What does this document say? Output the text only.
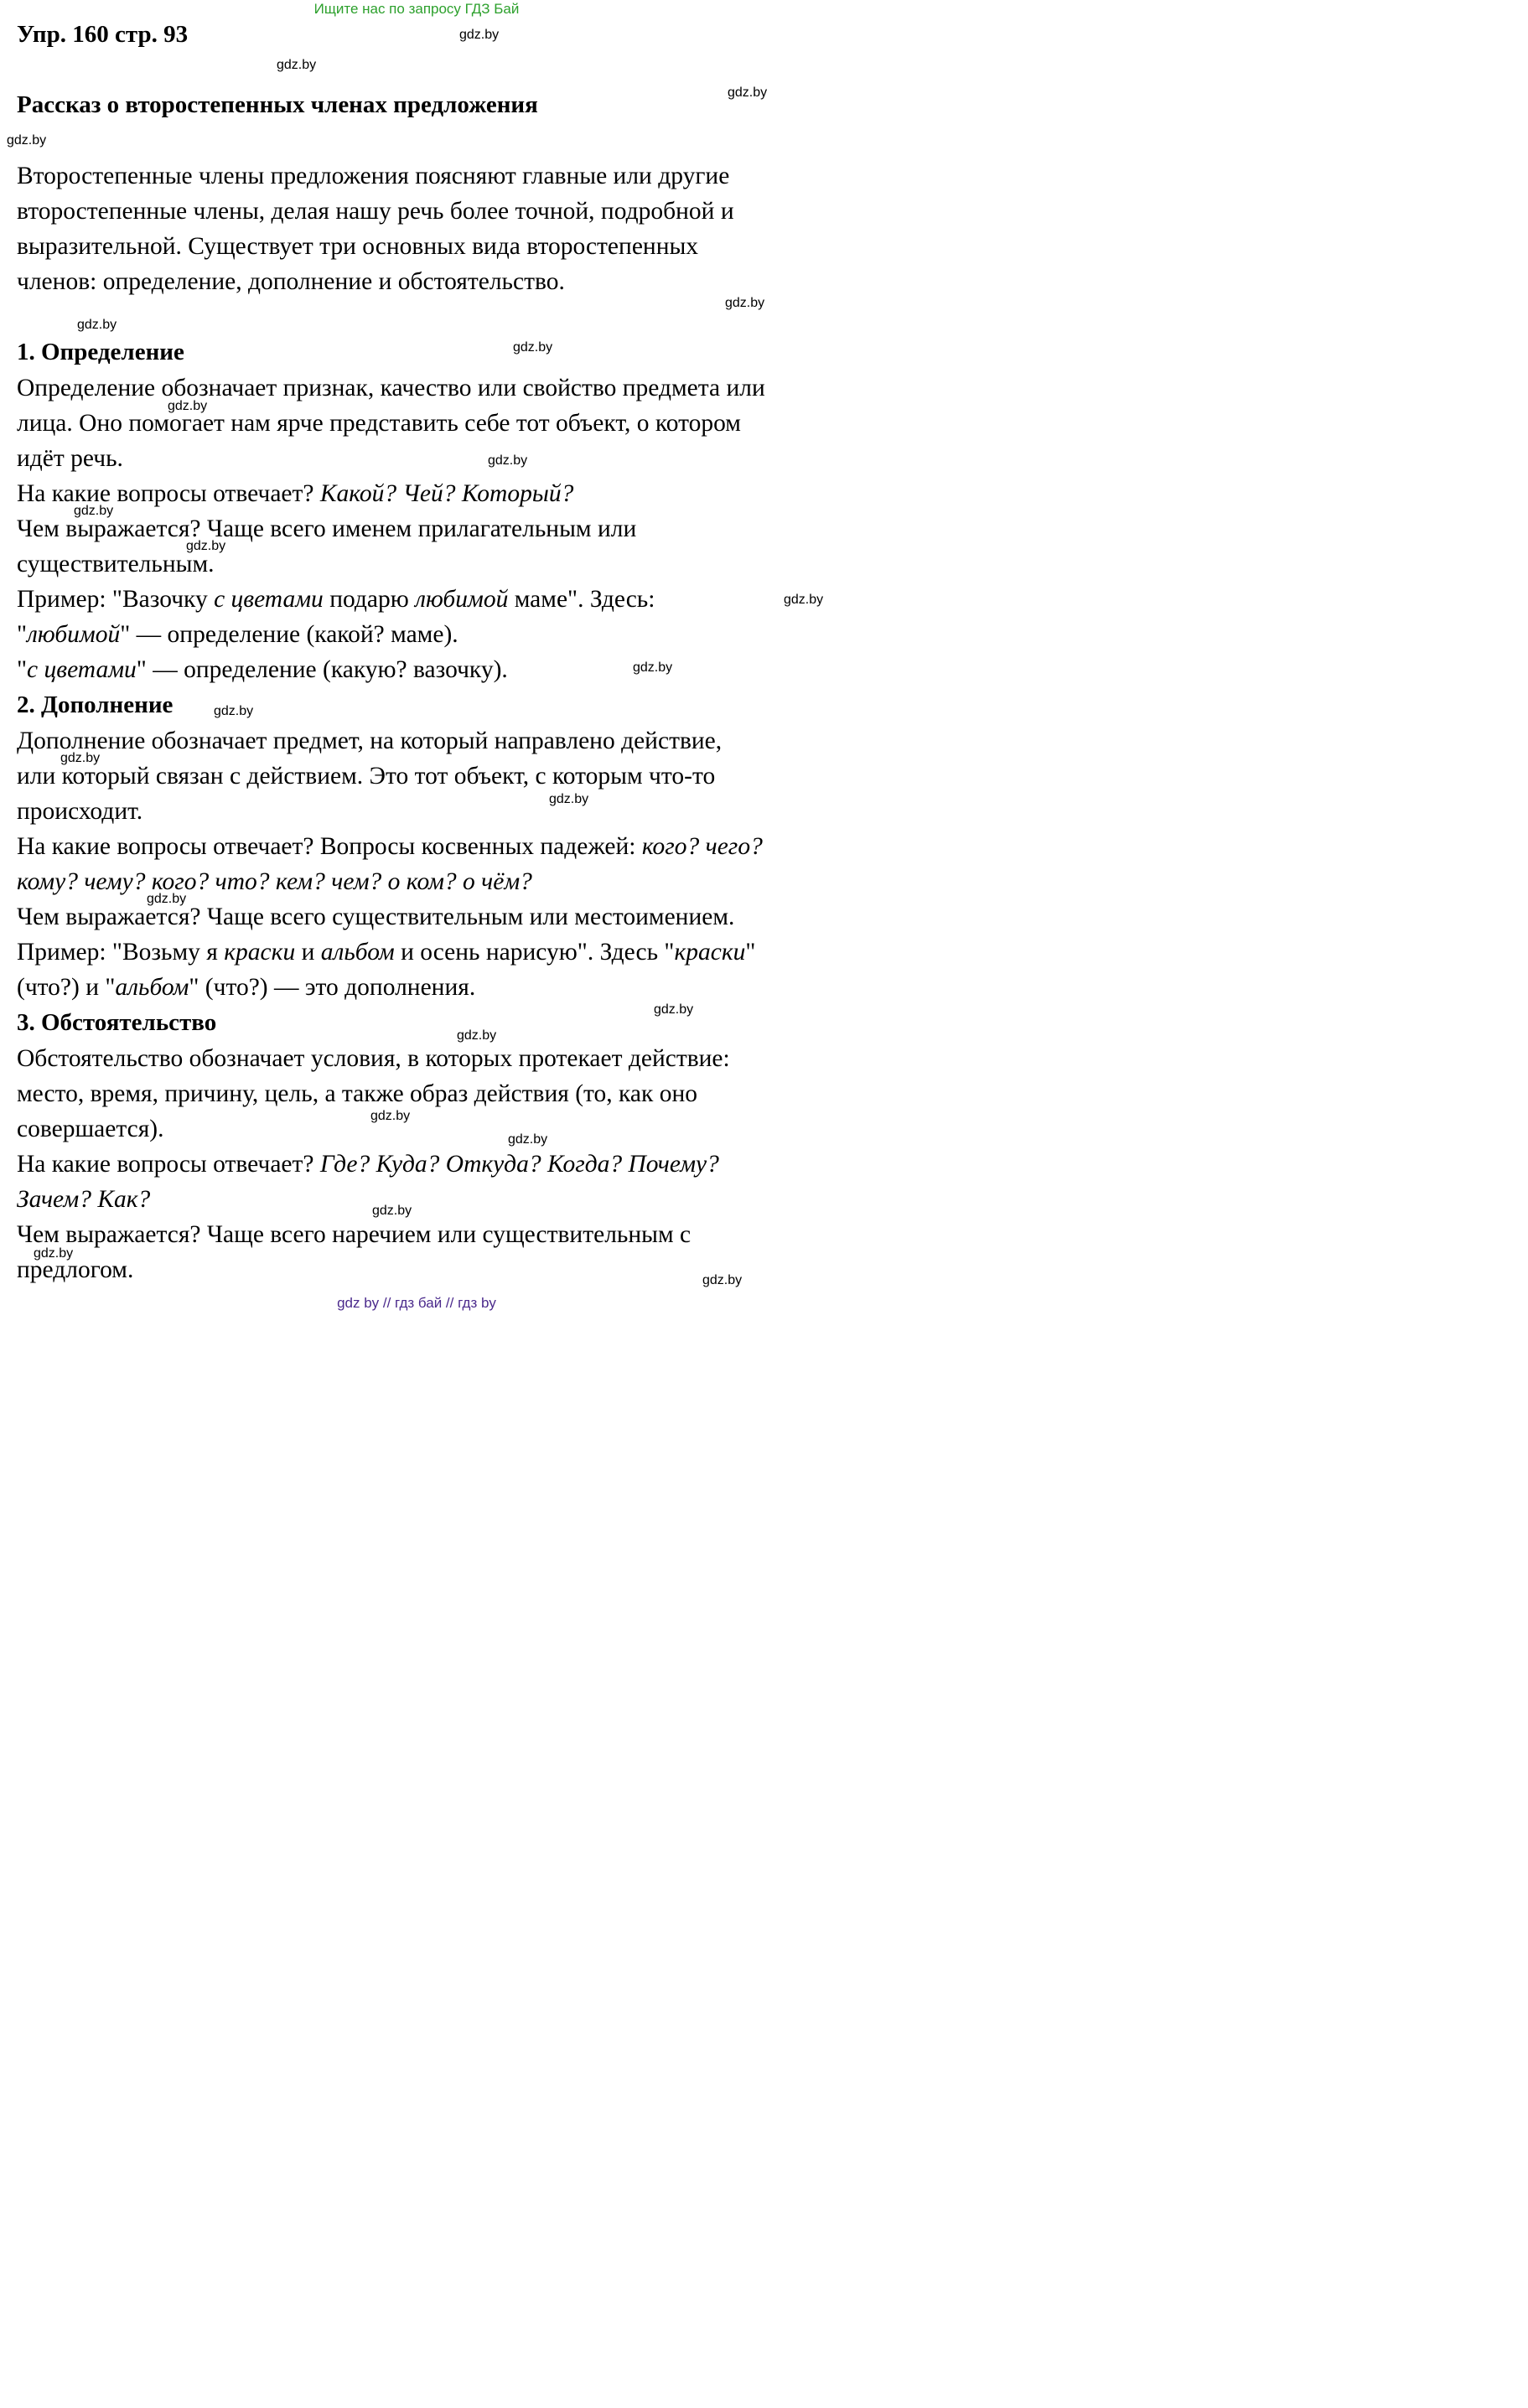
Ищите нас по запросу ГДЗ Бай
Упр. 160 стр. 93
Рассказ о второстепенных членах предложения
Второстепенные члены предложения поясняют главные или другие
второстепенные члены, делая нашу речь более точной, подробной и
выразительной. Существует три основных вида второстепенных
членов: определение, дополнение и обстоятельство.
1. Определение
Определение обозначает признак, качество или свойство предмета или
лица. Оно помогает нам ярче представить себе тот объект, о котором
идёт речь.
На какие вопросы отвечает? Какой? Чей? Который?
Чем выражается? Чаще всего именем прилагательным или
существительным.
Пример: "Вазочку с цветами подарю любимой маме". Здесь:
"любимой" — определение (какой? маме).
"с цветами" — определение (какую? вазочку).
2. Дополнение
Дополнение обозначает предмет, на который направлено действие,
или который связан с действием. Это тот объект, с которым что-то
происходит.
На какие вопросы отвечает? Вопросы косвенных падежей: кого? чего?
кому? чему? кого? что? кем? чем? о ком? о чём?
Чем выражается? Чаще всего существительным или местоимением.
Пример: "Возьму я краски и альбом и осень нарисую". Здесь "краски"
(что?) и "альбом" (что?) — это дополнения.
3. Обстоятельство
Обстоятельство обозначает условия, в которых протекает действие:
место, время, причину, цель, а также образ действия (то, как оно
совершается).
На какие вопросы отвечает? Где? Куда? Откуда? Когда? Почему?
Зачем? Как?
Чем выражается? Чаще всего наречием или существительным с
предлогом.
gdz.by
gdz.by
gdz.by
gdz.by
gdz.by
gdz.by
gdz.by
gdz.by
gdz.by
gdz.by
gdz.by
gdz.by
gdz.by
gdz.by
gdz.by
gdz.by
gdz.by
gdz.by
gdz.by
gdz.by
gdz.by
gdz.by
gdz.by
gdz.by
gdz by // гдз бай // гдз by
